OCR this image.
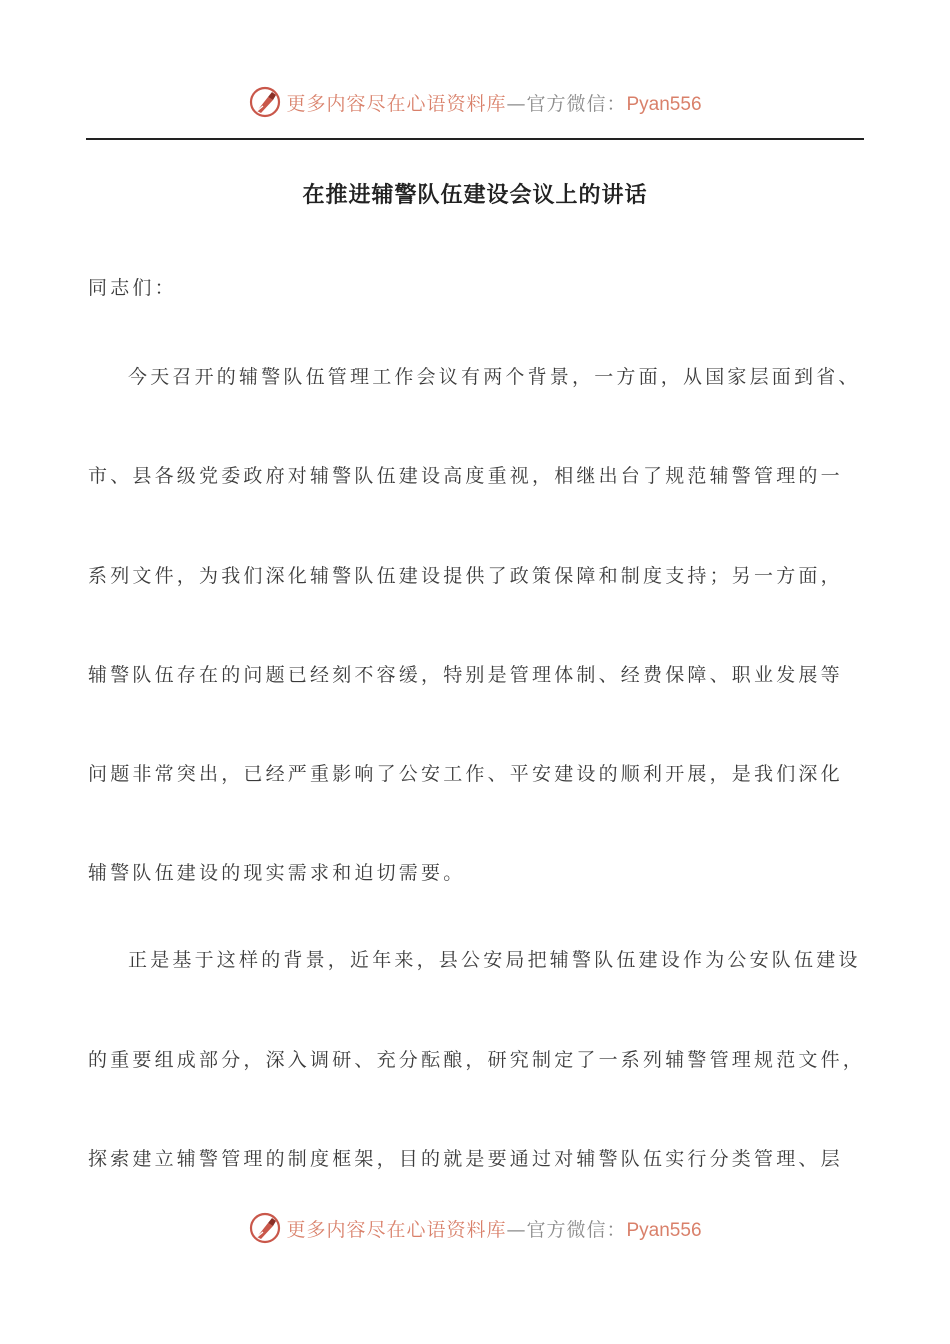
更多内容尽在心语资料库—官方微信：Pyan556
在推进辅警队伍建设会议上的讲话
同志们：
今天召开的辅警队伍管理工作会议有两个背景，一方面，从国家层面到省、
市、县各级党委政府对辅警队伍建设高度重视，相继出台了规范辅警管理的一
系列文件，为我们深化辅警队伍建设提供了政策保障和制度支持；另一方面，
辅警队伍存在的问题已经刻不容缓，特别是管理体制、经费保障、职业发展等
问题非常突出，已经严重影响了公安工作、平安建设的顺利开展，是我们深化
辅警队伍建设的现实需求和迫切需要。
正是基于这样的背景，近年来，县公安局把辅警队伍建设作为公安队伍建设
的重要组成部分，深入调研、充分酝酿，研究制定了一系列辅警管理规范文件，
探索建立辅警管理的制度框架，目的就是要通过对辅警队伍实行分类管理、层
更多内容尽在心语资料库—官方微信：Pyan556
